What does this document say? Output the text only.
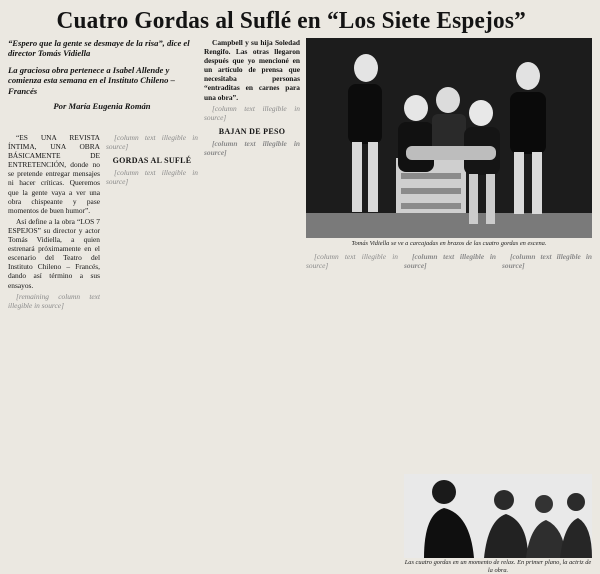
Cuatro Gordas al Suflé en “Los Siete Espejos”
“Espero que la gente se desmaye de la risa”, dice el director Tomás Vidiella
La graciosa obra pertenece a Isabel Allende y comienza esta semana en el Instituto Chileno – Francés
Por María Eugenia Román

“ES UNA REVISTA ÍNTIMA, UNA OBRA BÁSICAMENTE DE ENTRETENCIÓN, donde no se pretende entregar mensajes ni hacer críticas. Queremos que la gente vaya a ver una obra chispeante y pase momentos de buen humor”.

Así define a la obra “LOS 7 ESPEJOS” su director y actor Tomás Vidiella, a quien estrenará próximamente en el escenario del Teatro del Instituto Chileno – Francés, dando así término a sus ensayos.

[remaining column text illegible in source]

[column text illegible in source]

GORDAS AL SUFLÉ

[column text illegible in source]

Campbell y su hija Soledad Rengifo. Las otras llegaron después que yo mencioné en un artículo de prensa que necesitaba personas “entraditas en carnes para una obra”.

[column text illegible in source]

BAJAN DE PESO

[column text illegible in source]

Tomás Vidiella se ve a carcajadas en brazos de las cuatro gordas en escena.

[column text illegible in source]

[column text illegible in source]

[column text illegible in source]

Las cuatro gordas en un momento de relax. En primer plano, la actriz de la obra.
